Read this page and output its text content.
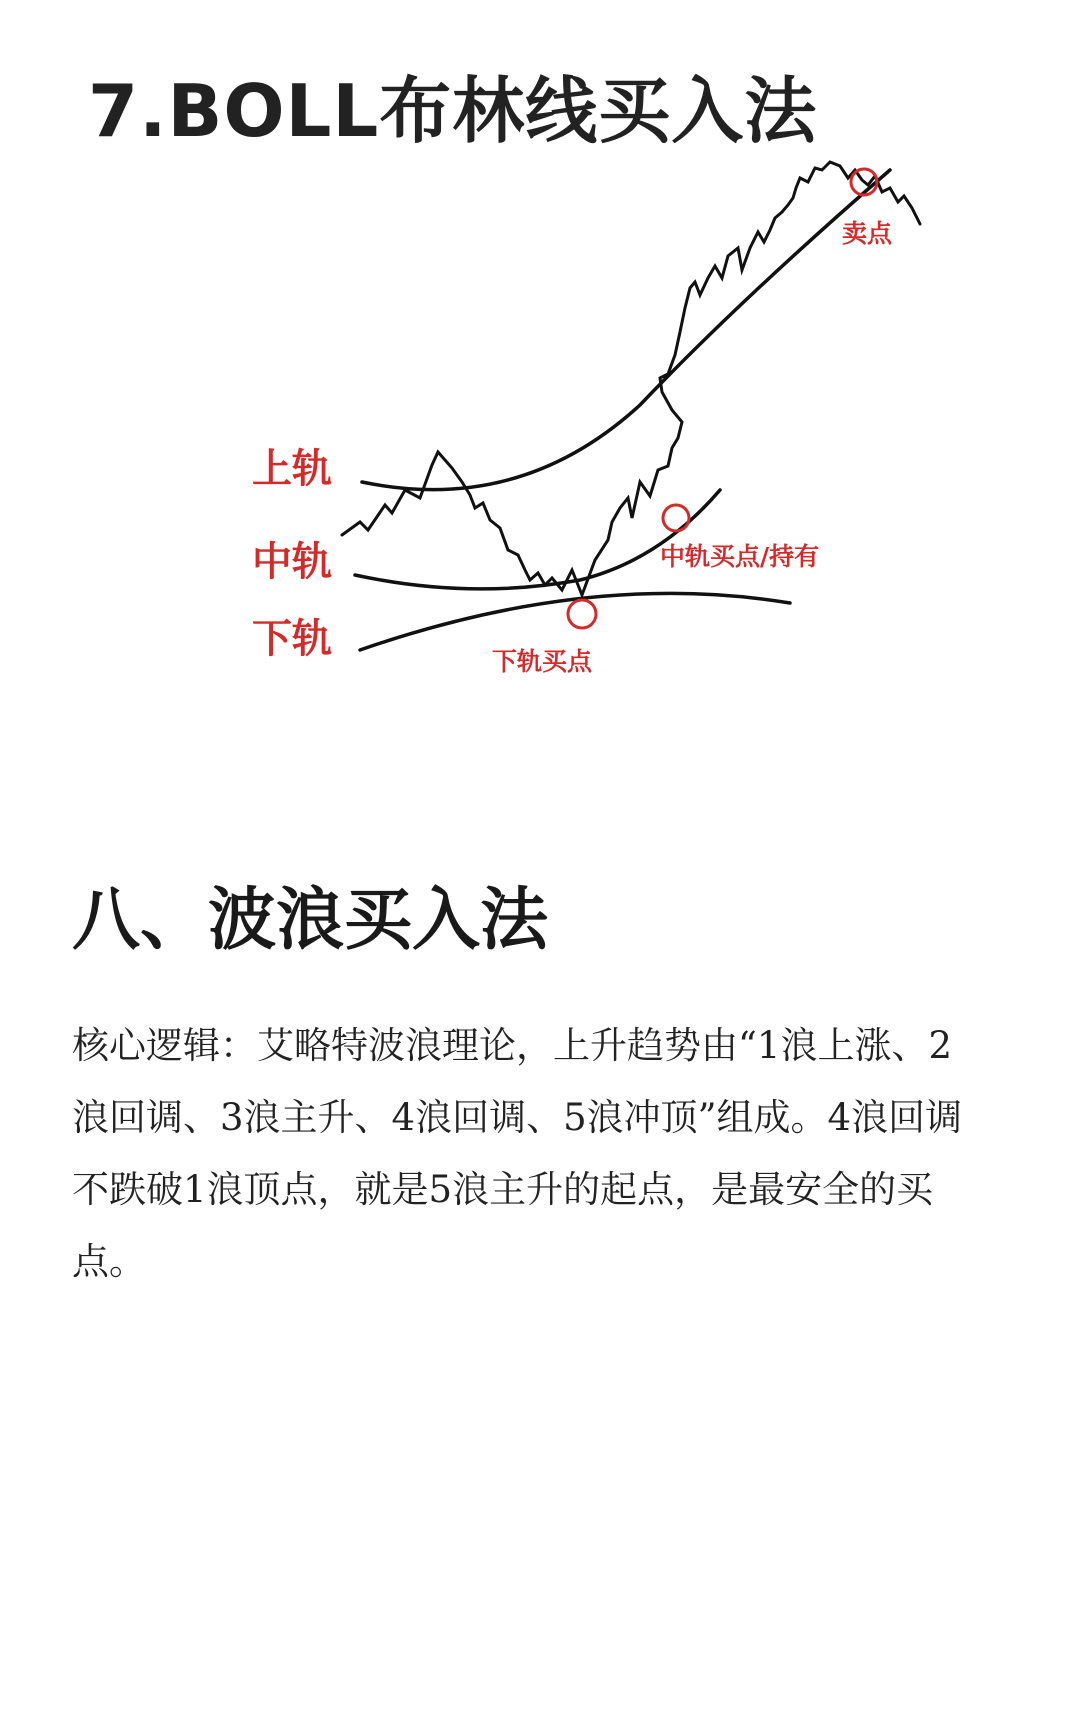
7.BOLL布林线买入法
上轨
中轨
下轨
卖点
中轨买点/持有
下轨买点
八、波浪买入法

核心逻辑：艾略特波浪理论，上升趋势由“1浪上涨、2浪回调、3浪主升、4浪回调、5浪冲顶”组成。4浪回调不跌破1浪顶点，就是5浪主升的起点，是最安全的买点。
